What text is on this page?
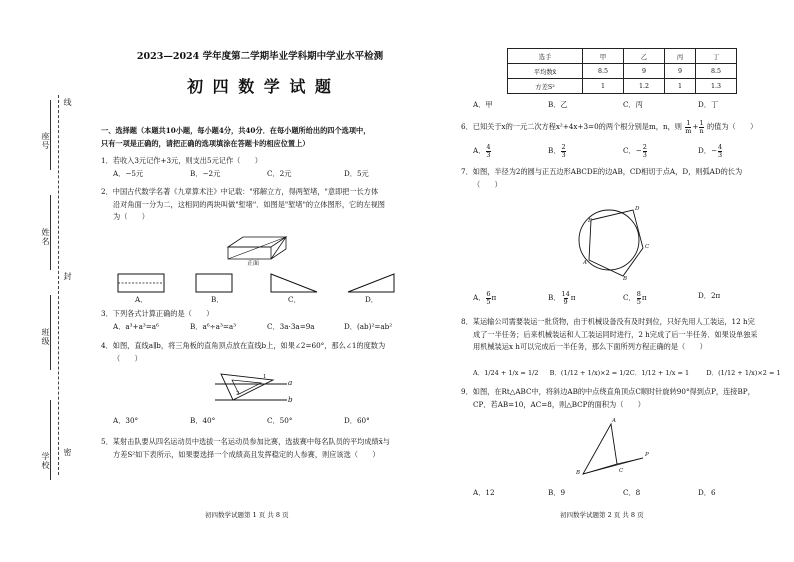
线
封
密
座号
姓名
班级
学校
2023—2024 学年度第二学期毕业学科期中学业水平检测
初 四 数 学 试 题
一、选择题（本题共10小题，每小题4分，共40分．在每小题所给出的四个选项中，
只有一项是正确的，请把正确的选项填涂在答题卡的相应位置上）
1．若收入3元记作+3元，则支出5元记作（　　）
A．−5元	B．−2元	C．2元	D．5元
2．中国古代数学名著《九章算术注》中记载："邪解立方，得两堑堵，"意即把一长方体
沿对角面一分为二，这相同的两块叫做"堑堵"．如图是"堑堵"的立体图形，它的左视图
为（　　）
正面
A．	B．	C．	D．
3．下列各式计算正确的是（　　）
A．a³+a³=a⁶	B．a⁶÷a³=a³	C．3a·3a=9a	D．(ab)²=ab²
4．如图，直线a∥b，将三角板的直角顶点放在直线b上，如果∠2=60°，那么∠1的度数为
（　　）
a
b
1
2
A．30°	B．40°	C．50°	D．60°
5．某射击队要从四名运动员中选拔一名运动员参加比赛，选拔赛中每名队员的平均成绩x̄与
方差S²如下表所示，如果要选择一个成绩高且发挥稳定的人参赛，则应该选（　　）
初四数学试题第 1 页 共 8 页
选手	甲	乙	丙	丁
平均数x̄	8.5	9	9	8.5
方差S²	1	1.2	1	1.3
A．甲	B．乙	C．丙	D．丁
6．已知关于x的一元二次方程x²+4x+3=0的两个根分别是m，n，则 $\frac{1}{m} + \frac{1}{n}$ 的值为（　　）
A． $\frac{4}{3}$	B． $\frac{2}{3}$	C．− $\frac{2}{3}$	D．− $\frac{4}{3}$
7．如图，半径为2的圆与正五边形ABCDE的边AB，CD相切于点A，D，则弧AD的长为
（　　）
E
D
C
B
A
A． $\frac{6}{5}$ π	B． $\frac{14}{9}$ π	C． $\frac{8}{5}$ π	D．2π
8．某运输公司需要装运一批货物，由于机械设备没有及时到位，只好先用人工装运，12 h完
成了一半任务；后来机械装运和人工装运同时进行，2 h完成了后一半任务．如果设单独采
用机械装运x h可以完成后一半任务，那么下面所列方程正确的是（　　）
A．1/24 + 1/x = 1/2	B．(1/12 + 1/x)×2 = 1/2 C．1/12 + 1/x = 1	D．(1/12 + 1/x)×2 = 1
9．如图，在Rt△ABC中，将斜边AB的中点绕直角顶点C顺时针旋转90°得到点P，连接BP，
CP．若AB=10，AC=8，则△BCP的面积为（　　）
A
B	C
P
A．12	B．9	C．8	D．6
初四数学试题第 2 页 共 8 页
